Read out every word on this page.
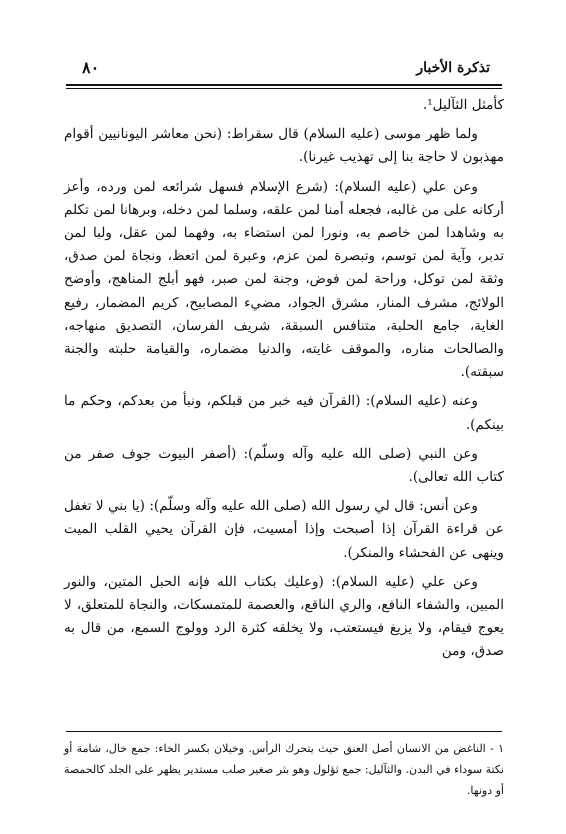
تذكرة الأخبار
٨٠

كأمثل الثآليل¹.

ولما ظهر موسى (عليه السلام) قال سقراط: (نحن معاشر اليونانيين أقوام مهذبون لا حاجة بنا إلى تهذيب غيرنا).

وعن علي (عليه السلام): (شرع الإسلام فسهل شرائعه لمن ورده، وأعز أركانه على من غالبه، فجعله أمنا لمن علقه، وسلما لمن دخله، وبرهانا لمن تكلم به وشاهدا لمن خاصم به، ونورا لمن استضاء به، وفهما لمن عقل، ولبا لمن تدبر، وآية لمن توسم، وتبصرة لمن عزم، وعبرة لمن اتعظ، ونجاة لمن صدق، وثقة لمن توكل، وراحة لمن فوض، وجنة لمن صبر، فهو أبلج المناهج، وأوضح الولائج، مشرف المنار، مشرق الجواد، مضيء المصابيح، كريم المضمار، رفيع الغاية، جامع الحلبة، متنافس السبقة، شريف الفرسان، التصديق منهاجه، والصالحات مناره، والموقف غايته، والدنيا مضماره، والقيامة حلبته والجنة سبقته).

وعنه (عليه السلام): (القرآن فيه خبر من قبلكم، ونبأ من بعدكم، وحكم ما بينكم).

وعن النبي (صلى الله عليه وآله وسلّم): (أصفر البيوت جوف صفر من كتاب الله تعالى).

وعن أنس: قال لي رسول الله (صلى الله عليه وآله وسلّم): (يا بني لا تغفل عن قراءة القرآن إذا أصبحت وإذا أمسيت، فإن القرآن يحيي القلب الميت وينهى عن الفحشاء والمنكر).

وعن علي (عليه السلام): (وعليك بكتاب الله فإنه الحبل المتين، والنور المبين، والشفاء النافع، والري الناقع، والعصمة للمتمسكات، والنجاة للمتعلق، لا يعوج فيقام، ولا يزيغ فيستعتب، ولا يخلقه كثرة الرد وولوج السمع، من قال به صدق، ومن

١ - الناغض من الانسان أصل العنق حيث يتحرك الرأس. وخيلان بكسر الخاء: جمع خال، شامة أو نكتة سوداء في البدن. والثآليل: جمع ثؤلول وهو بثر صغير صلب مستدير يظهر على الجلد كالحمصة أو دونها.
